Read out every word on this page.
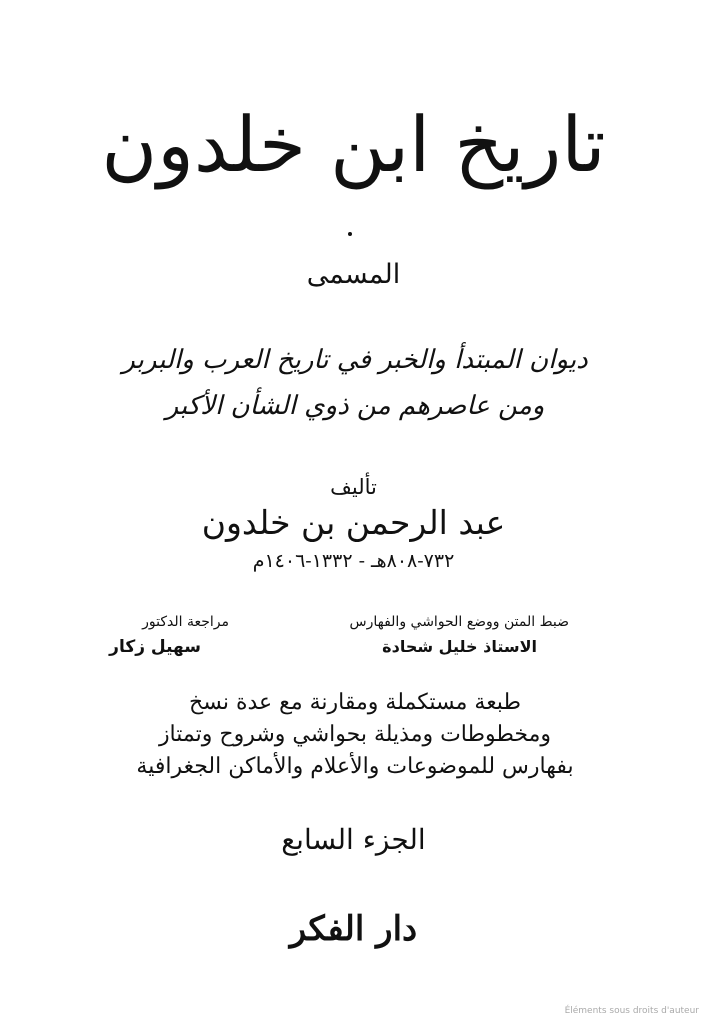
تاريخ ابن خلدون
المسمى
ديوان المبتدأ والخبر في تاريخ العرب والبربر
ومن عاصرهم من ذوي الشأن الأكبر
تأليف
عبد الرحمن بن خلدون
٧٣٢-٨٠٨هـ - ١٣٣٢-١٤٠٦م
ضبط المتن ووضع الحواشي والفهارس
الاستاذ خليل شحادة
مراجعة الدكتور
سهيل زكار
طبعة مستكملة ومقارنة مع عدة نسخ
ومخطوطات ومذيلة بحواشي وشروح وتمتاز
بفهارس للموضوعات والأعلام والأماكن الجغرافية
الجزء السابع
دار الفكر
Éléments sous droits d'auteur
